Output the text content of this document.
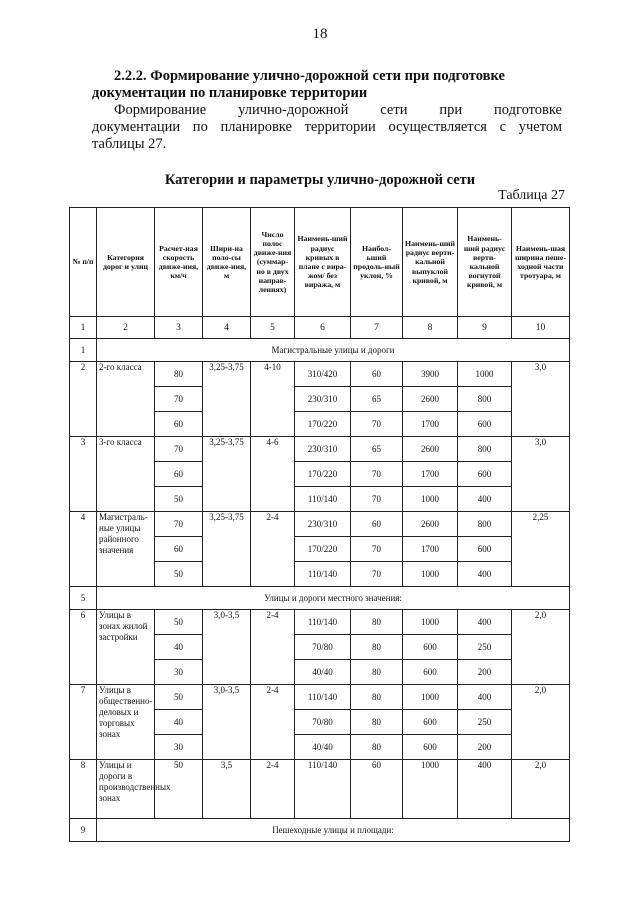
18
2.2.2. Формирование улично-дорожной сети при подготовке
документации по планировке территории
Формирование улично-дорожной сети при подготовке
документации по планировке территории осуществляется с учетом
таблицы 27.
Категории и параметры улично-дорожной сети
Таблица 27
№ п/п	Категория дорог и улиц	Расчет-ная скорость движе-ния, км/ч	Шири-на поло-сы движе-ния, м	Число полос движе-ния (суммар-но в двух направ-лениях)	Наимень-ший радиус кривых в плане с вира-жом/ без виража, м	Наибол-ьший продоль-ный уклон, %	Наимень-ший радиус верти-кальной выпуклой кривой, м	Наимень-ший радиус верти-кальной вогнутой кривой, м	Наимень-шая ширина пеше-ходной части тротуара, м
1	2	3	4	5	6	7	8	9	10
1	Магистральные улицы и дороги								
2	2-го класса	80	3,25-3,75	4-10	310/420	60	3900	1000	3,0
		70			230/310	65	2600	800	
		60			170/220	70	1700	600	
3	3-го класса	70	3,25-3,75	4-6	230/310	65	2600	800	3,0
		60			170/220	70	1700	600	
		50			110/140	70	1000	400	
4	Магистраль-ные улицы районного значения	70	3,25-3,75	2-4	230/310	60	2600	800	2,25
		60			170/220	70	1700	600	
		50			110/140	70	1000	400	
5	Улицы и дороги местного значения:								
6	Улицы в зонах жилой застройки	50	3,0-3,5	2-4	110/140	80	1000	400	2,0
		40			70/80	80	600	250	
		30			40/40	80	600	200	
7	Улицы в общественно-деловых и торговых зонах	50	3,0-3,5	2-4	110/140	80	1000	400	2,0
		40			70/80	80	600	250	
		30			40/40	80	600	200	
8	Улицы и дороги в производственных зонах	50	3,5	2-4	110/140	60	1000	400	2,0
9	Пешеходные улицы и площади:								
